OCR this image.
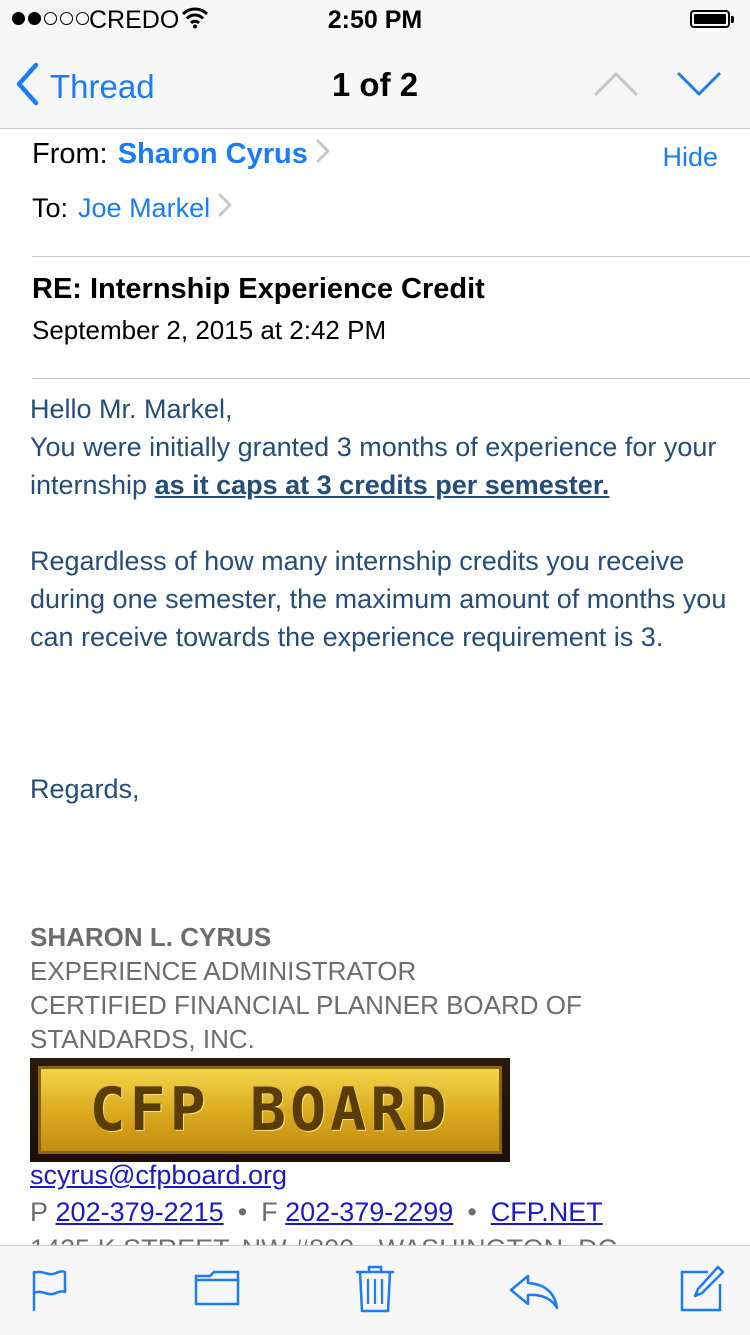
CREDO	2:50 PM
Thread	1 of 2
From: Sharon Cyrus	Hide
To: Joe Markel
RE: Internship Experience Credit
September 2, 2015 at 2:42 PM

Hello Mr. Markel,

You were initially granted 3 months of experience for your internship as it caps at 3 credits per semester.

Regardless of how many internship credits you receive during one semester, the maximum amount of months you can receive towards the experience requirement is 3.

Regards,

SHARON L. CYRUS
EXPERIENCE ADMINISTRATOR
CERTIFIED FINANCIAL PLANNER BOARD OF
STANDARDS, INC.
CFP BOARD
scyrus@cfpboard.org
P
202-379-2215 • F
202-379-2299 • CFP.NET
